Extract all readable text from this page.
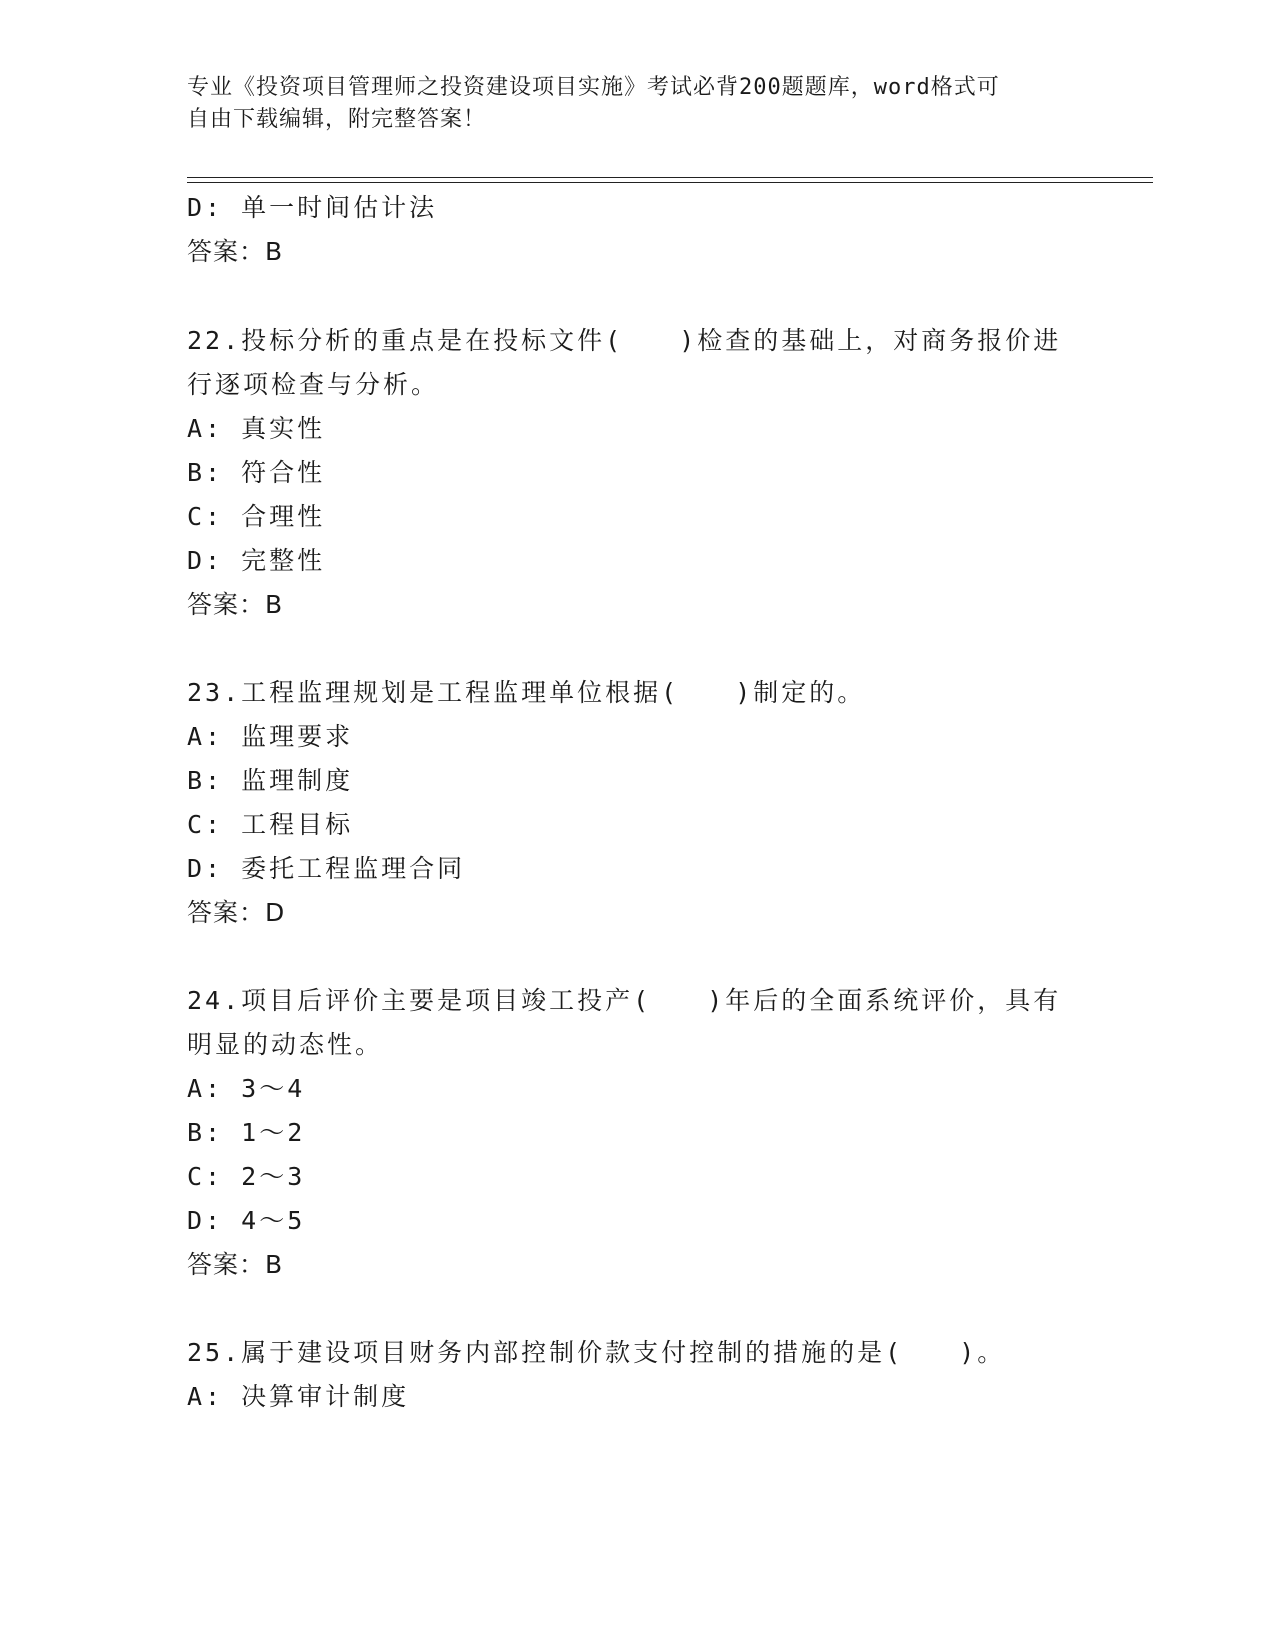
专业《投资项目管理师之投资建设项目实施》考试必背200题题库，word格式可
自由下载编辑，附完整答案！
D: 单一时间估计法
答案：B
22.投标分析的重点是在投标文件(　　)检查的基础上，对商务报价进
行逐项检查与分析。
A: 真实性
B: 符合性
C: 合理性
D: 完整性
答案：B
23.工程监理规划是工程监理单位根据(　　)制定的。
A: 监理要求
B: 监理制度
C: 工程目标
D: 委托工程监理合同
答案：D
24.项目后评价主要是项目竣工投产(　　)年后的全面系统评价，具有
明显的动态性。
A: 3～4
B: 1～2
C: 2～3
D: 4～5
答案：B
25.属于建设项目财务内部控制价款支付控制的措施的是(　　)。
A: 决算审计制度
